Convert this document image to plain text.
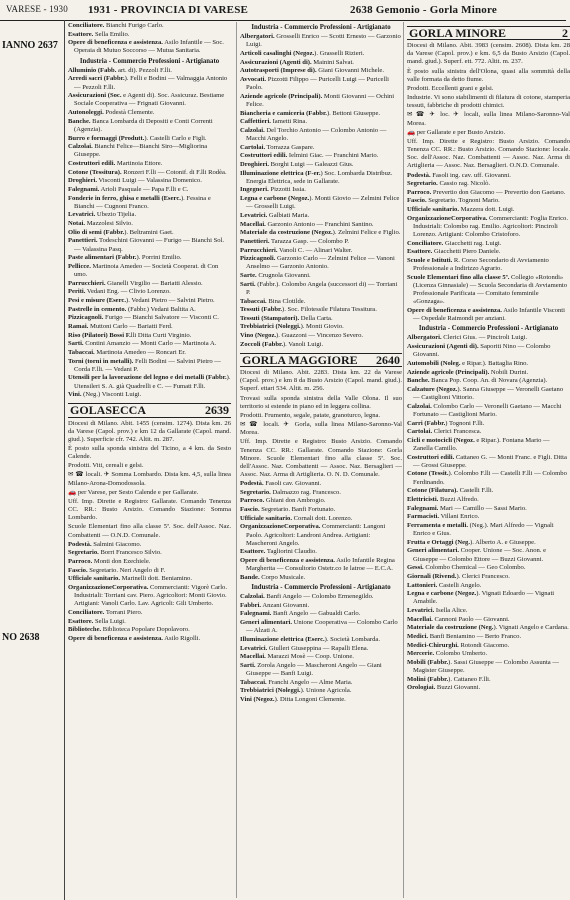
VARESE - 1930 1931 - PROVINCIA DI VARESE	2638 Gemonio - Gorla Minore
IANNO 2637
NO 2638
Conciliatore. Bianchi Furigo Carlo.
Esattore. Sella Emilio.
Opere di beneficenza e assistenza. Asilo Infantile — Soc. Operaia di Mutuo Soccorso — Mutua Sanitaria.
Industria - Commercio Professioni - Artigianato
Alluminio (Fabb. art. di). Pezzoli F.lli.
Arredi sacri (Fabbr.). Felli e Bodini — Valmaggia Antonio — Pezzoli F.lli.
Assicurazioni (Soc. e Agenti di). Soc. Assicuraz. Bestiame Sociale Cooperativa — Frignati Giovanni.
Autonoleggi. Podestà Clemente.
Banche. Banca Lombarda di Depositi e Conti Correnti (Agenzia).
Burro e formaggi (Produtt.). Castelli Carlo e Figli.
Calzolai. Bianchi Felice—Bianchi Siro—Migliorina Giuseppe.
Costruttori edili. Martinoia Ettore.
Cotone (Tessitura). Ronzeri F.lli — Cotonif. di F.lli Rodèa.
Droghieri. Visconti Luigi — Valassina Domenico.
Falegnami. Arioli Pasquale — Papa F.lli e C.
Fonderie in ferro, ghisa e metalli (Eserc.). Fessina e Bianchi — Cugnoni Franco.
Levatrici. Ubezio Tijelia.
Notai. Mazzolesi Silvio.
Olio di semi (Fabbr.). Beltramini Gaet.
Panettieri. Todeschini Giovanni — Furigo — Bianchi Sol. — Valassina Pasq.
Paste alimentari (Fabbr.). Porrini Emilio.
Pellicce. Martinoia Amedeo — Società Cooperat. di Con umo.
Parrucchieri. Gianelli Virgilio — Bariatti Alessio.
Periti. Vedani Eng. — Clivio Lorenzo.
Pesi e misure (Eserc.). Vedani Pietro — Salvini Pietro.
Pastrelle in cemento. (Fabbr.) Vedani Baltita A.
Pizzicagnoli. Furigo — Bianchi Salvatore — Visconti C.
Ramai. Muttoni Carlo — Bariatti Ferd.
Riso (Pilatori) Bossi F.lli Ditta Curti Virginio.
Sarti. Contini Amanzio — Monti Carlo — Martinoia A.
Tabaccai. Martinoia Amedeo — Roncari Er.
Torni (torni in metalli). Felli Bodini — Salvini Pietro — Corda F.lli. — Vedani P.
Utensili per la lavorazione del legno e dei metalli (Fabbr.). Utensileri S. A. già Quadrelli e C. — Fumati F.lli.
Vini. (Neg.) Visconti Luigi.
GOLASECCA	2639
Diocesi di Milano. Abit. 1455 (censim. 1274). Dista km. 26 da Varese (Capol. prov.) e km 12 da Gallarate (Capol. mand. giud.). Superficie cfr. 742. Altit. m. 287.
È posto sulla sponda sinistra del Ticino, a 4 km. da Sesto Calende.
Prodotti. Viti, cereali e gelsi.
✉ ☎ locali. ✈ Somma Lombardo. Dista km. 4,5, sulla linea Milano-Arona-Domodossola.
🚗 per Varese, per Sesto Calende e per Gallarate.
Uff. Imp. Dirette e Registro: Gallarate. Comando Tenenza CC. RR.: Busto Arsizio. Comando Stazione: Somma Lombardo.
Scuole Elementari fino alla classe 5ª. Soc. dell'Assoc. Naz. Combattenti — O.N.D. Comunale.
Podestà. Salmini Giacomo.
Segretario. Borri Francesco Silvio.
Parroco. Monti don Ezechiele.
Fascio. Segretario. Neri Angelo di F.
Ufficiale sanitario. Marinelli dott. Beniamino.
OrganizzazioneCorporativa. Commercianti: Vigorè Carlo. Industriali: Torriani cav. Piero. Agricoltori: Monti Giovio. Artigiani: Vanoli Carlo. Lav. Agricoli: Gili Umberto.
Conciliatore. Torrani Piero.
Esattore. Sella Luigi.
Biblioteche. Biblioteca Popolare Dopolavoro.
Opere di beneficenza e assistenza. Asilo Rigolli.
Industria - Commercio Professioni - Artigianato
Albergatori. Grosselli Enrico — Scotti Ernesto — Garzonio Luigi.
Articoli casalinghi (Negoz.). Grasselli Rizieri.
Assicurazioni (Agenti di). Mainini Salvat.
Autotrasporti (Imprese di). Giani Giovanni Michele.
Avvocati. Pizzotti Filippo — Puricelli Luigi — Puricelli Paolo.
Aziende agricole (Principali). Monti Giovanni — Ochini Felice.
Biancheria e camiceria (Fabbr.). Bettoni Giuseppe.
Caffettieri. Iametti Rina.
Calzolai. Del Torchio Antonio — Colombo Antonio — Macchi Angelo.
Cartolai. Torrazza Gaspare.
Costruttori edili. Ielmini Giac. — Franchini Mario.
Droghieri. Borghi Luigi — Galeazzi Gius.
Illuminazione elettrica (F-er.) Soc. Lombarda Distribuz. Energia Elettrica, sede in Gallarate.
Ingegneri. Pizzotti Issia.
Legna e carbone (Negoz.). Monti Giovio — Zelmini Felice — Grosselli Luigi.
Levatrici. Galbiati Maria.
Macellai. Garzonio Antonio — Franchini Santino.
Materiale da costruzione (Negoz.). Zelmini Felice e Figlio.
Panettieri. Tarazza Gasp. — Colombo P.
Parrucchieri. Vanoli C. — Alinari Walter.
Pizzicagnoli. Garzonio Carlo — Zelmini Felice — Vanoni Anselmo — Garzonio Antonio.
Sarte. Crugnola Giovanni.
Sarti. (Fabbr.). Colombo Angela (successori di) — Torriani P.
Tabaccai. Bina Clotilde.
Tessuti (Fabbr.). Soc. Filotessile Filatura Tessitura.
Tessuti (Stampatori). Della Carta.
Trebbiatrici (Noleggi.). Monti Giovio.
Vino (Negoz.). Guazzoni — Vincenzo Severo.
Zoccoli (Fabbr.). Vanoli Luigi.
GORLA MAGGIORE 2640
Diocesi di Milano. Abit. 2283. Dista km. 22 da Varese (Capol. prov.) e km 8 da Busto Arsizio (Capol. mand. giud.). Superf. ettari 534. Altit. m. 256.
Trovasi sulla sponda sinistra della Valle Olona. Il suo territorio si estende in piano ed in leggera collina.
Prodotti. Frumento, segale, patate, granoturco, legna.
✉ ☎ locali. ✈ Gorla, sulla linea Milano-Saronno-Val Morea.
Uff. Imp. Dirette e Registro: Busto Arsizio. Comando Tenenza CC. RR.: Gallarate. Comando Stazione: Gorla Minore. Scuole Elementari fino alla classe 5ª. Soc. dell'Assoc. Naz. Combattenti — Assoc. Naz. Bersaglieri — Assoc. Naz. Arma di Artiglieria. O. N. D. Comunale.
Podestà. Fasoli cav. Giovanni.
Segretario. Dalmazzo rag. Francesco.
Parroco. Ghiani don Ambrogio.
Fascio. Segretario. Banfi Fortunato.
Ufficiale sanitario. Cornali dott. Lorenzo.
OrganizzazioneCorporativa. Commercianti: Langoni Paolo. Agricoltori: Landroni Andrea. Artigiani: Mascheroni Angelo.
Esattore. Tagliorini Claudio.
Opere di beneficenza e assistenza. Asilo Infantile Regina Margherita — Consultorio Ostetr.co Ie latroe — E.C.A.
Bande. Corpo Musicale.
Industria - Commercio Professioni - Artigianato
Calzolai. Banfi Angelo — Colombo Ermenegildo.
Fabbri. Anzani Giovanni.
Falegnami. Banfi Angelo — Gabualdi Carlo.
Generi alimentari. Unione Cooperativa — Colombo Carlo — Alzati A.
Illuminazione elettrica (Eserc.). Società Lombarda.
Levatrici. Giulleri Giuseppina — Rapalli Elena.
Macellai. Marazzi Mosè — Coop. Unione.
Sarti. Zorola Angelo — Mascheroni Angelo — Giani Giuseppe — Banfi Luigi.
Tabaccai. Franchi Angelo — Alme Maria.
Trebbiatrici (Noleggi.). Unione Agricola.
Vini (Negoz.). Ditta Longoni Clemente.
GORLA MINORE	2
Diocesi di Milano. Abit. 3983 (censim. 2608). Dista km. 28 da Varese (Capol. prov.) e km. 6,5 da Busto Arsizio (Capol. mand. giud.). Superf. ett. 772. Altit. m. 237.
È posto sulla sinistra dell'Olona, quasi alla sommità della valle formata da detto fiume.
Prodotti. Eccellenti grani e gelsi.
Industrie. Vi sono stabilimenti di filatura di cotone, stamperia tessuti, fabbriche di prodotti chimici.
✉ ☎ ✈ loc. ✈ locali, sulla linea Milano-Saronno-Val Morea.
🚗 per Gallarate e per Busto Arsizio.
Uff. Imp. Dirette e Registro: Busto Arsizio. Comando Tenenza CC. RR.: Busto Arsizio. Comando Stazione: locale. Soc. dell'Assoc. Naz. Combattenti — Assoc. Naz. Arma di Artiglieria — Assoc. Naz. Bersaglieri. O.N.D. Comunale.
Podestà. Fasoli ing. cav. uff. Giovanni.
Segretario. Cassio rag. Nicolò.
Parroco. Prevertio don Giacomo — Prevertio don Gaetano.
Fascio. Segretario. Tognoni Mario.
Ufficiale sanitario. Mazzera dott. Luigi.
OrganizzazioneCorporativa. Commercianti: Foglia Enrico. Industriali: Colombo rag. Emilio. Agricoltori: Pinciroli Lorenzo. Artigiani: Colombo Cristoforo.
Conciliatore. Giacchetti rag. Luigi.
Esattore. Giacchetti Piero Daniele.
Scuole e Istituti. R. Corso Secondario di Avviamento Professionale a Indirizzo Agrario.
Scuole Elementari fino alla classe 5ª. Collegio «Rotondi» (Licenza Ginnasiale) — Scuola Secondaria di Avviamento Professionale Parificata — Comitato femminile «Gonzaga».
Opere di beneficenza e assistenza. Asilo Infantile Visconti — Ospedale Raimondi per anziani.
Industria - Commercio Professioni - Artigianato
Albergatori. Clerici Gius. — Pinciroli Luigi.
Assicurazioni (Agenti di). Saporiti Nino — Colombo Giovanni.
Automobili (Noleg. e Ripar.). Battaglia Rino.
Aziende agricole (Principali). Nobili Durini.
Banche. Banca Pop. Coop. An. di Novara (Agenzia).
Calzature (Negoz.). Sanna Giuseppe — Veronelli Gaetano — Castiglioni Vittorio.
Calzolai. Colombo Carlo — Veronelli Gaetano — Macchi Fortunato — Castiglioni Mario.
Carri (Fabbr.) Tognoni F.lli.
Cartolai. Clerici Francesca.
Cicli e motocicli (Negoz. e Ripar.). Fontana Mario — Zanella Camillo.
Costruttori edili. Cattaneo G. — Monti Franc. e Figli. Ditta — Grossi Giuseppe.
Cotone (Tessit.). Colombo F.lli — Castelli F.lli — Colombo Ferdinando.
Cotone (Filatura). Castelli F.lli.
Elettricisti. Buzzi Alfredo.
Falegnami. Mari — Camillo — Sassi Mario.
Farmacisti. Villani Enrico.
Ferramenta e metalli. (Neg.). Mari Alfredo — Vignali Enrico e Gius.
Frutta e Ortaggi (Neg.). Alberto A. e Giuseppe.
Generi alimentari. Cooper. Unione — Soc. Anon. e Giuseppe — Colombo Ettore — Buzzi Giovanni.
Gessi. Colombo Chemical — Geo Colombo.
Giornali (Rivend.). Clerici Francesco.
Lattonieri. Castelli Angelo.
Legna e carbone (Negoz.). Vignati Edoardo — Vignati Amabile.
Levatrici. Isella Alice.
Macellai. Cannoni Paolo — Giovanni.
Materiale da costruzione (Neg.). Vignati Angelo e Cardana.
Medici. Banfi Beniamino — Berto Franco.
Medici-Chirurghi. Rotondi Giacomo.
Mercerie. Colombo Umberto.
Mobili (Fabbr.). Sassi Giuseppe — Colombo Assunta — Magister Giuseppe.
Molini (Fabbr.). Cattaneo F.lli.
Orologiai. Buzzi Giovanni.
